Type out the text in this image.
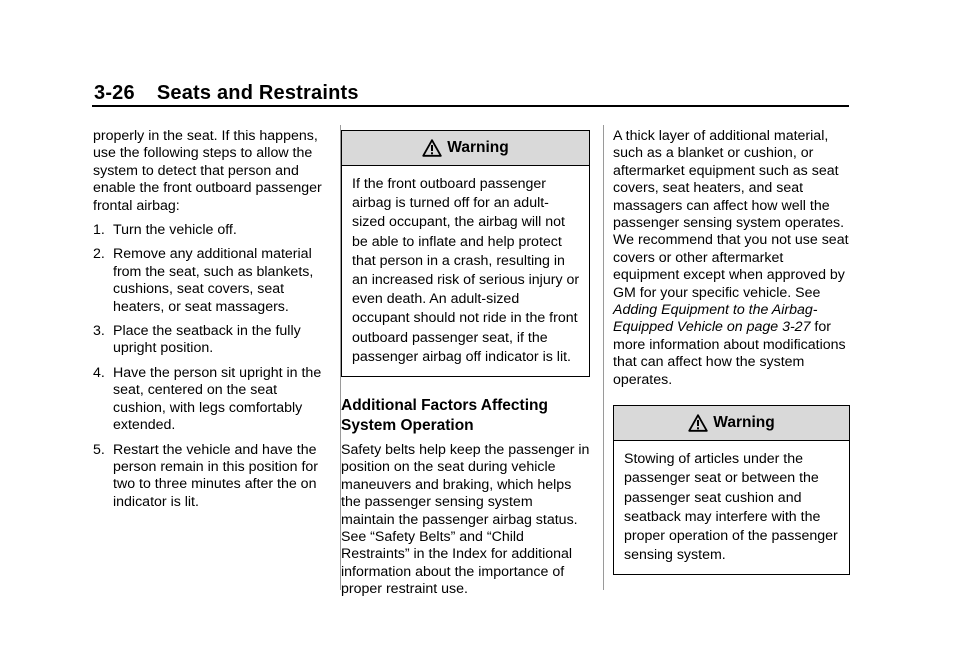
3-26 Seats and Restraints

properly in the seat. If this happens, use the following steps to allow the system to detect that person and enable the front outboard passenger frontal airbag:

1. Turn the vehicle off.
2. Remove any additional material from the seat, such as blankets, cushions, seat covers, seat heaters, or seat massagers.
3. Place the seatback in the fully upright position.
4. Have the person sit upright in the seat, centered on the seat cushion, with legs comfortably extended.
5. Restart the vehicle and have the person remain in this position for two to three minutes after the on indicator is lit.
Warning
If the front outboard passenger airbag is turned off for an adult-sized occupant, the airbag will not be able to inflate and help protect that person in a crash, resulting in an increased risk of serious injury or even death. An adult-sized occupant should not ride in the front outboard passenger seat, if the passenger airbag off indicator is lit.
Additional Factors Affecting System Operation

Safety belts help keep the passenger in position on the seat during vehicle maneuvers and braking, which helps the passenger sensing system maintain the passenger airbag status. See “Safety Belts” and “Child Restraints” in the Index for additional information about the importance of proper restraint use.

A thick layer of additional material, such as a blanket or cushion, or aftermarket equipment such as seat covers, seat heaters, and seat massagers can affect how well the passenger sensing system operates. We recommend that you not use seat covers or other aftermarket equipment except when approved by GM for your specific vehicle. See Adding Equipment to the Airbag-Equipped Vehicle on page 3-27 for more information about modifications that can affect how the system operates.

Warning
Stowing of articles under the passenger seat or between the passenger seat cushion and seatback may interfere with the proper operation of the passenger sensing system.
